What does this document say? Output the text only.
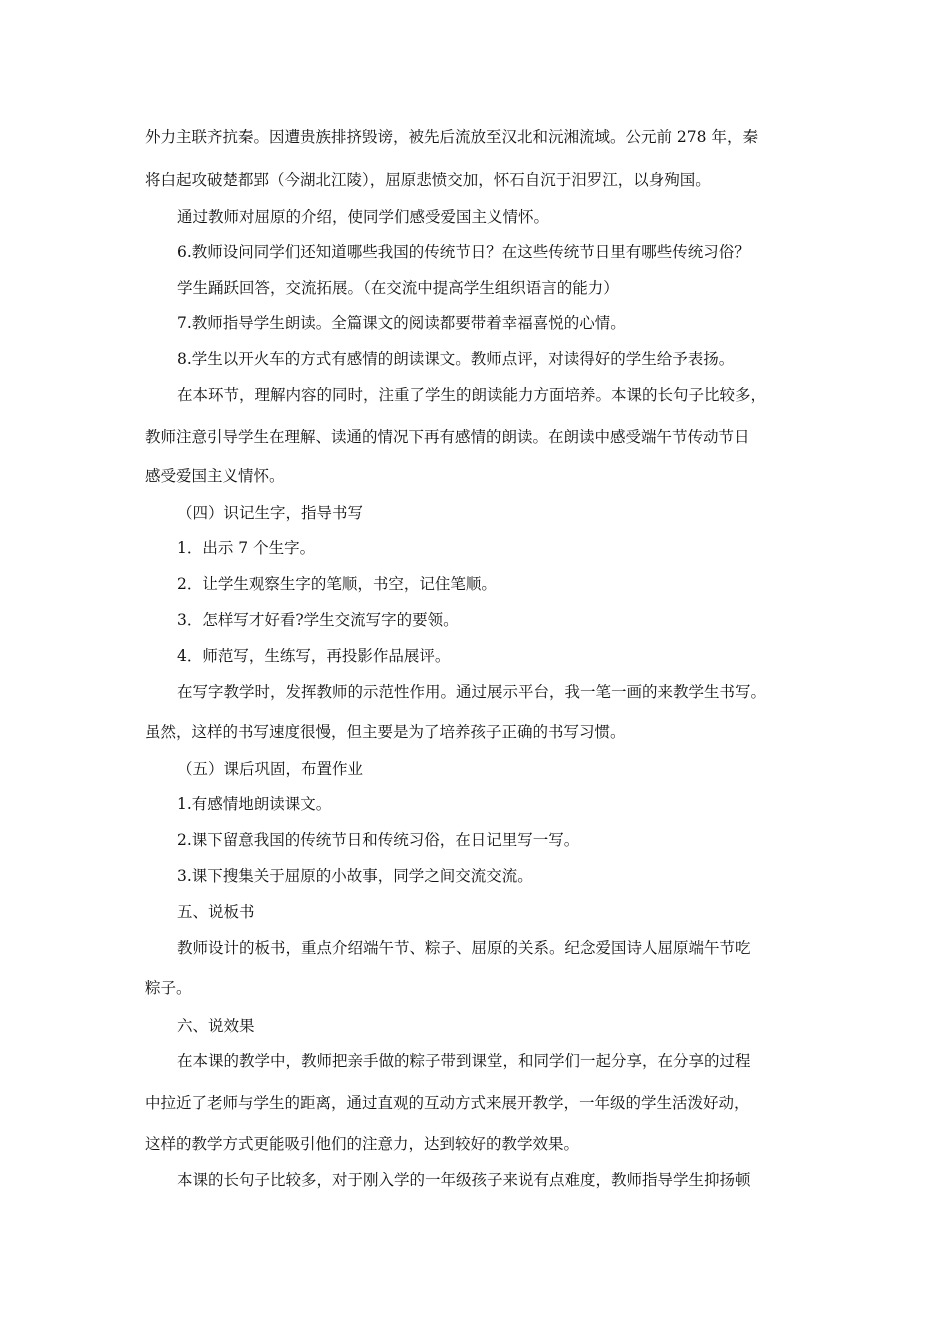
外力主联齐抗秦。因遭贵族排挤毁谤，被先后流放至汉北和沅湘流域。公元前 278 年，秦
将白起攻破楚都郢（今湖北江陵），屈原悲愤交加，怀石自沉于汨罗江，以身殉国。
通过教师对屈原的介绍，使同学们感受爱国主义情怀。
6.教师设问同学们还知道哪些我国的传统节日？在这些传统节日里有哪些传统习俗？
学生踊跃回答，交流拓展。（在交流中提高学生组织语言的能力）
7.教师指导学生朗读。全篇课文的阅读都要带着幸福喜悦的心情。
8.学生以开火车的方式有感情的朗读课文。教师点评，对读得好的学生给予表扬。
在本环节，理解内容的同时，注重了学生的朗读能力方面培养。本课的长句子比较多，
教师注意引导学生在理解、读通的情况下再有感情的朗读。在朗读中感受端午节传动节日
感受爱国主义情怀。
（四）识记生字，指导书写
1．出示 7 个生字。
2．让学生观察生字的笔顺，书空，记住笔顺。
3．怎样写才好看?学生交流写字的要领。
4．师范写，生练写，再投影作品展评。
在写字教学时，发挥教师的示范性作用。通过展示平台，我一笔一画的来教学生书写。
虽然，这样的书写速度很慢，但主要是为了培养孩子正确的书写习惯。
（五）课后巩固，布置作业
1.有感情地朗读课文。
2.课下留意我国的传统节日和传统习俗，在日记里写一写。
3.课下搜集关于屈原的小故事，同学之间交流交流。
五、说板书
教师设计的板书，重点介绍端午节、粽子、屈原的关系。纪念爱国诗人屈原端午节吃
粽子。
六、说效果
在本课的教学中，教师把亲手做的粽子带到课堂，和同学们一起分享，在分享的过程
中拉近了老师与学生的距离，通过直观的互动方式来展开教学，一年级的学生活泼好动，
这样的教学方式更能吸引他们的注意力，达到较好的教学效果。
本课的长句子比较多，对于刚入学的一年级孩子来说有点难度，教师指导学生抑扬顿
